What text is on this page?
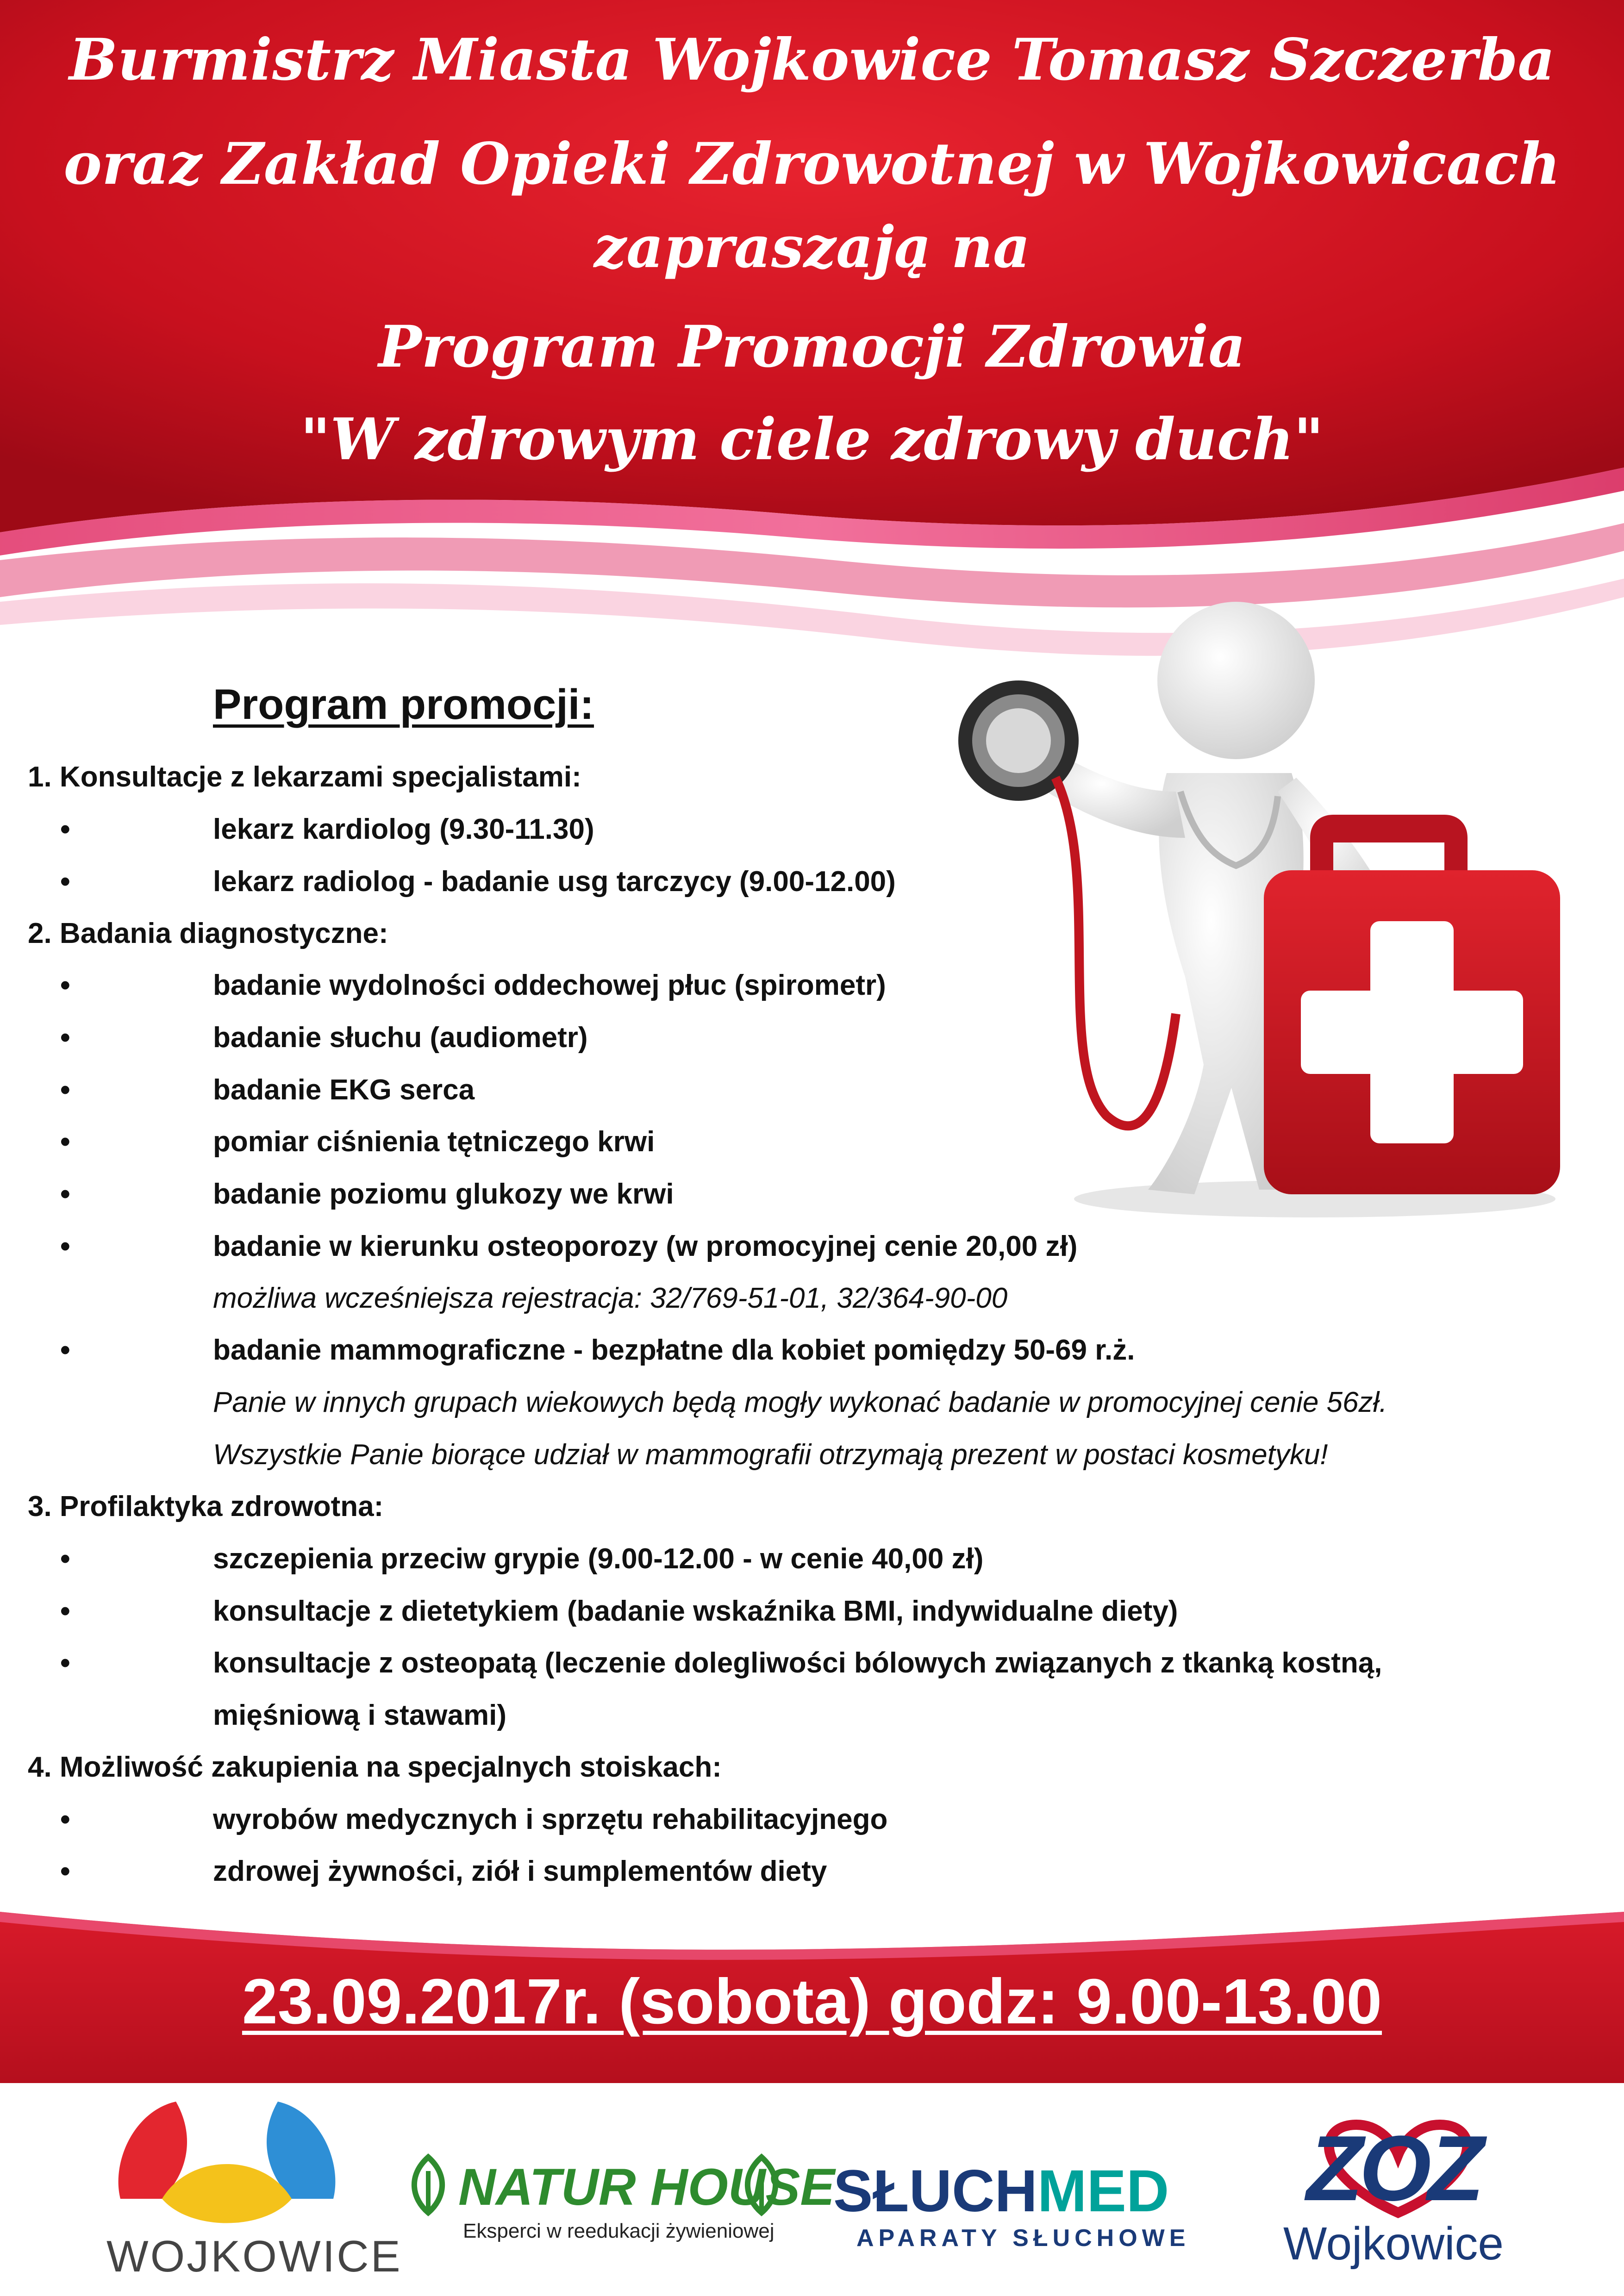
Burmistrz Miasta Wojkowice Tomasz Szczerba
oraz Zakład Opieki Zdrowotnej w Wojkowicach
zapraszają na
Program Promocji Zdrowia
"W zdrowym ciele zdrowy duch"
Program promocji:
1. Konsultacje z lekarzami specjalistami:
•	lekarz kardiolog (9.30-11.30)
•	lekarz radiolog - badanie usg tarczycy (9.00-12.00)
2. Badania diagnostyczne:
•	badanie wydolności oddechowej płuc (spirometr)
•	badanie słuchu (audiometr)
•	badanie EKG serca
•	pomiar ciśnienia tętniczego krwi
•	badanie poziomu glukozy we krwi
•	badanie w kierunku osteoporozy (w promocyjnej cenie 20,00 zł)
możliwa wcześniejsza rejestracja: 32/769-51-01, 32/364-90-00
•	badanie mammograficzne - bezpłatne dla kobiet pomiędzy 50-69 r.ż.
Panie w innych grupach wiekowych będą mogły wykonać badanie w promocyjnej cenie 56zł.
Wszystkie Panie biorące udział w mammografii otrzymają prezent w postaci kosmetyku!
3. Profilaktyka zdrowotna:
•	szczepienia przeciw grypie (9.00-12.00 - w cenie 40,00 zł)
•	konsultacje z dietetykiem (badanie wskaźnika BMI, indywidualne diety)
•	konsultacje z osteopatą (leczenie dolegliwości bólowych związanych z tkanką kostną,
mięśniową i stawami)
4. Możliwość zakupienia na specjalnych stoiskach:
•	wyrobów medycznych i sprzętu rehabilitacyjnego
•	zdrowej żywności, ziół i sumplementów diety
23.09.2017r. (sobota) godz: 9.00-13.00
WOJKOWICE
NATUR HOUSE
Eksperci w reedukacji żywieniowej
SŁUCHMED
APARATY SŁUCHOWE
ZOZ
Wojkowice
